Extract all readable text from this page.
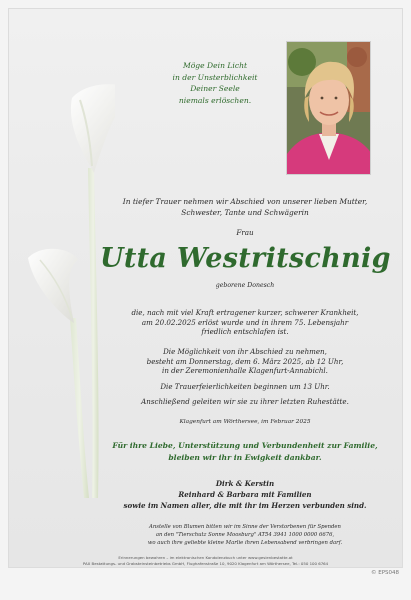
Möge Dein Licht
in der Unsterblichkeit
Deiner Seele
niemals erlöschen.
In tiefer Trauer nehmen wir Abschied von unserer lieben Mutter,
Schwester, Tante und Schwägerin
Frau
Utta Westritschnig
geborene Donesch
die, nach mit viel Kraft ertragener kurzer, schwerer Krankheit,
am 20.02.2025 erlöst wurde und in ihrem 75. Lebensjahr
friedlich entschlafen ist.
Die Möglichkeit von ihr Abschied zu nehmen,
besteht am Donnerstag, dem 6. März 2025, ab 12 Uhr,
in der Zeremonienhalle Klagenfurt-Annabichl.
Die Trauerfeierlichkeiten beginnen um 13 Uhr.
Anschließend geleiten wir sie zu ihrer letzten Ruhestätte.
Klagenfurt am Wörthersee, im Februar 2025
Für ihre Liebe, Unterstützung und Verbundenheit zur Familie,
bleiben wir ihr in Ewigkeit dankbar.
Dirk & Kerstin
Reinhard & Barbara mit Familien
sowie im Namen aller, die mit ihr im Herzen verbunden sind.
Anstelle von Blumen bitten wir im Sinne der Verstorbenen für Spenden
an den "Tierschutz Sonne Moosburg" AT54 3941 1000 0000 6676,
wo auch ihre geliebte kleine Marlie ihren Lebensabend verbringen darf.
Erinnerungen bewahren – im elektronischen Kondolenzbuch unter www.gesienbestatte.at
PAX Bestattungs- und Grabsteinsteinbetriebs GmbH, Flughafenstraße 10, 9020 Klagenfurt am Wörthersee, Tel.: 050 100 6764
© EPS048
